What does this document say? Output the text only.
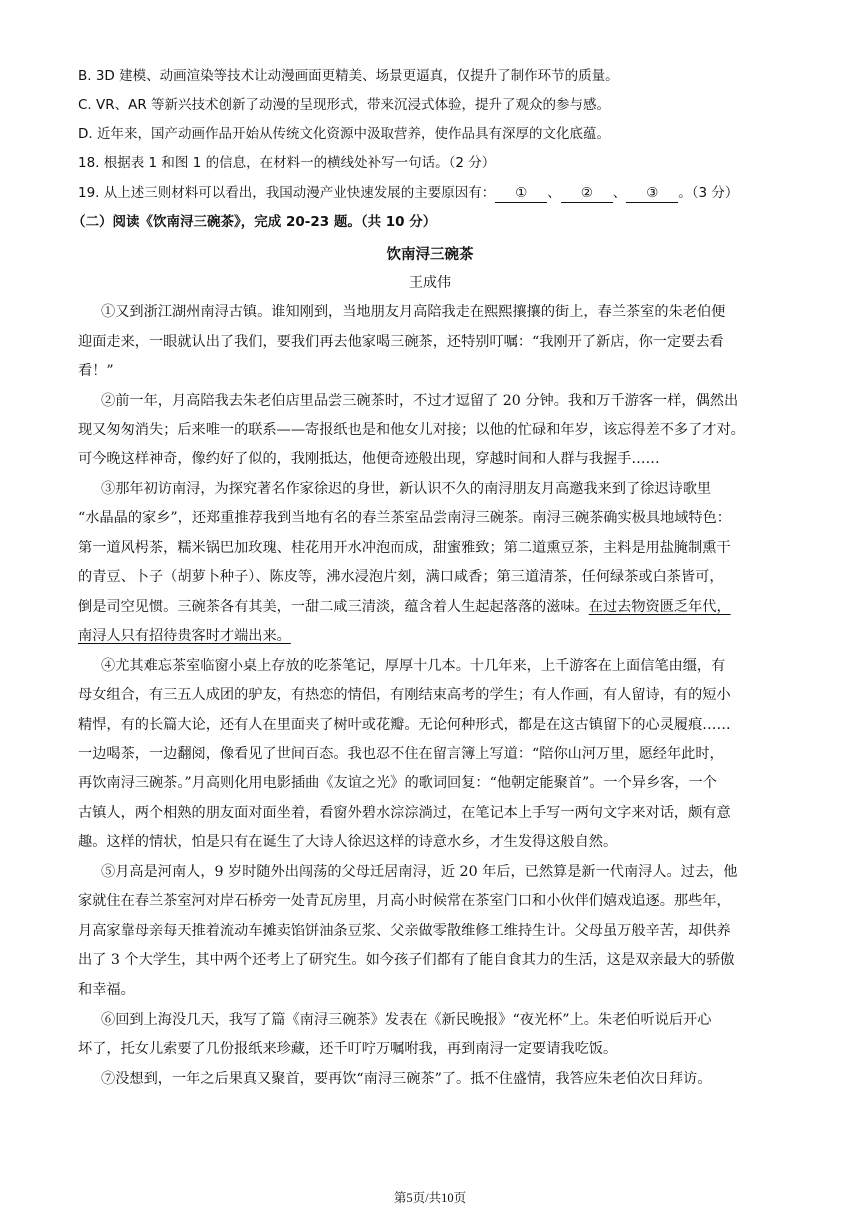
B. 3D 建模、动画渲染等技术让动漫画面更精美、场景更逼真，仅提升了制作环节的质量。
C. VR、AR 等新兴技术创新了动漫的呈现形式，带来沉浸式体验，提升了观众的参与感。
D. 近年来，国产动画作品开始从传统文化资源中汲取营养，使作品具有深厚的文化底蕴。
18. 根据表 1 和图 1 的信息，在材料一的横线处补写一句话。（2 分）
19. 从上述三则材料可以看出，我国动漫产业快速发展的主要原因有： ① 、 ② 、 ③ 。（3 分）
（二）阅读《饮南浔三碗茶》，完成 20-23 题。（共 10 分）
饮南浔三碗茶
王成伟
①又到浙江湖州南浔古镇。谁知刚到，当地朋友月高陪我走在熙熙攘攘的街上，春兰茶室的朱老伯便
迎面走来，一眼就认出了我们，要我们再去他家喝三碗茶，还特别叮嘱：“我刚开了新店，你一定要去看
看！”
②前一年，月高陪我去朱老伯店里品尝三碗茶时，不过才逗留了 20 分钟。我和万千游客一样，偶然出
现又匆匆消失；后来唯一的联系——寄报纸也是和他女儿对接；以他的忙碌和年岁，该忘得差不多了才对。
可今晚这样神奇，像约好了似的，我刚抵达，他便奇迹般出现，穿越时间和人群与我握手……
③那年初访南浔，为探究著名作家徐迟的身世，新认识不久的南浔朋友月高邀我来到了徐迟诗歌里
“水晶晶的家乡”，还郑重推荐我到当地有名的春兰茶室品尝南浔三碗茶。南浔三碗茶确实极具地域特色：
第一道风枵茶，糯米锅巴加玫瑰、桂花用开水冲泡而成，甜蜜雅致；第二道熏豆茶，主料是用盐腌制熏干
的青豆、卜子（胡萝卜种子）、陈皮等，沸水浸泡片刻，满口咸香；第三道清茶，任何绿茶或白茶皆可，
倒是司空见惯。三碗茶各有其美，一甜二咸三清淡，蕴含着人生起起落落的滋味。在过去物资匮乏年代，
南浔人只有招待贵客时才端出来。
④尤其难忘茶室临窗小桌上存放的吃茶笔记，厚厚十几本。十几年来，上千游客在上面信笔由缰，有
母女组合，有三五人成团的驴友，有热恋的情侣，有刚结束高考的学生；有人作画，有人留诗，有的短小
精悍，有的长篇大论，还有人在里面夹了树叶或花瓣。无论何种形式，都是在这古镇留下的心灵履痕……
一边喝茶，一边翻阅，像看见了世间百态。我也忍不住在留言簿上写道：“陪你山河万里，愿经年此时，
再饮南浔三碗茶。”月高则化用电影插曲《友谊之光》的歌词回复：“他朝定能聚首”。一个异乡客，一个
古镇人，两个相熟的朋友面对面坐着，看窗外碧水淙淙淌过，在笔记本上手写一两句文字来对话，颇有意
趣。这样的情状，怕是只有在诞生了大诗人徐迟这样的诗意水乡，才生发得这般自然。
⑤月高是河南人，9 岁时随外出闯荡的父母迁居南浔，近 20 年后，已然算是新一代南浔人。过去，他
家就住在春兰茶室河对岸石桥旁一处青瓦房里，月高小时候常在茶室门口和小伙伴们嬉戏追逐。那些年，
月高家靠母亲每天推着流动车摊卖馅饼油条豆浆、父亲做零散维修工维持生计。父母虽万般辛苦，却供养
出了 3 个大学生，其中两个还考上了研究生。如今孩子们都有了能自食其力的生活，这是双亲最大的骄傲
和幸福。
⑥回到上海没几天，我写了篇《南浔三碗茶》发表在《新民晚报》“夜光杯”上。朱老伯听说后开心
坏了，托女儿索要了几份报纸来珍藏，还千叮咛万嘱咐我，再到南浔一定要请我吃饭。
⑦没想到，一年之后果真又聚首，要再饮“南浔三碗茶”了。抵不住盛情，我答应朱老伯次日拜访。
第5页/共10页
